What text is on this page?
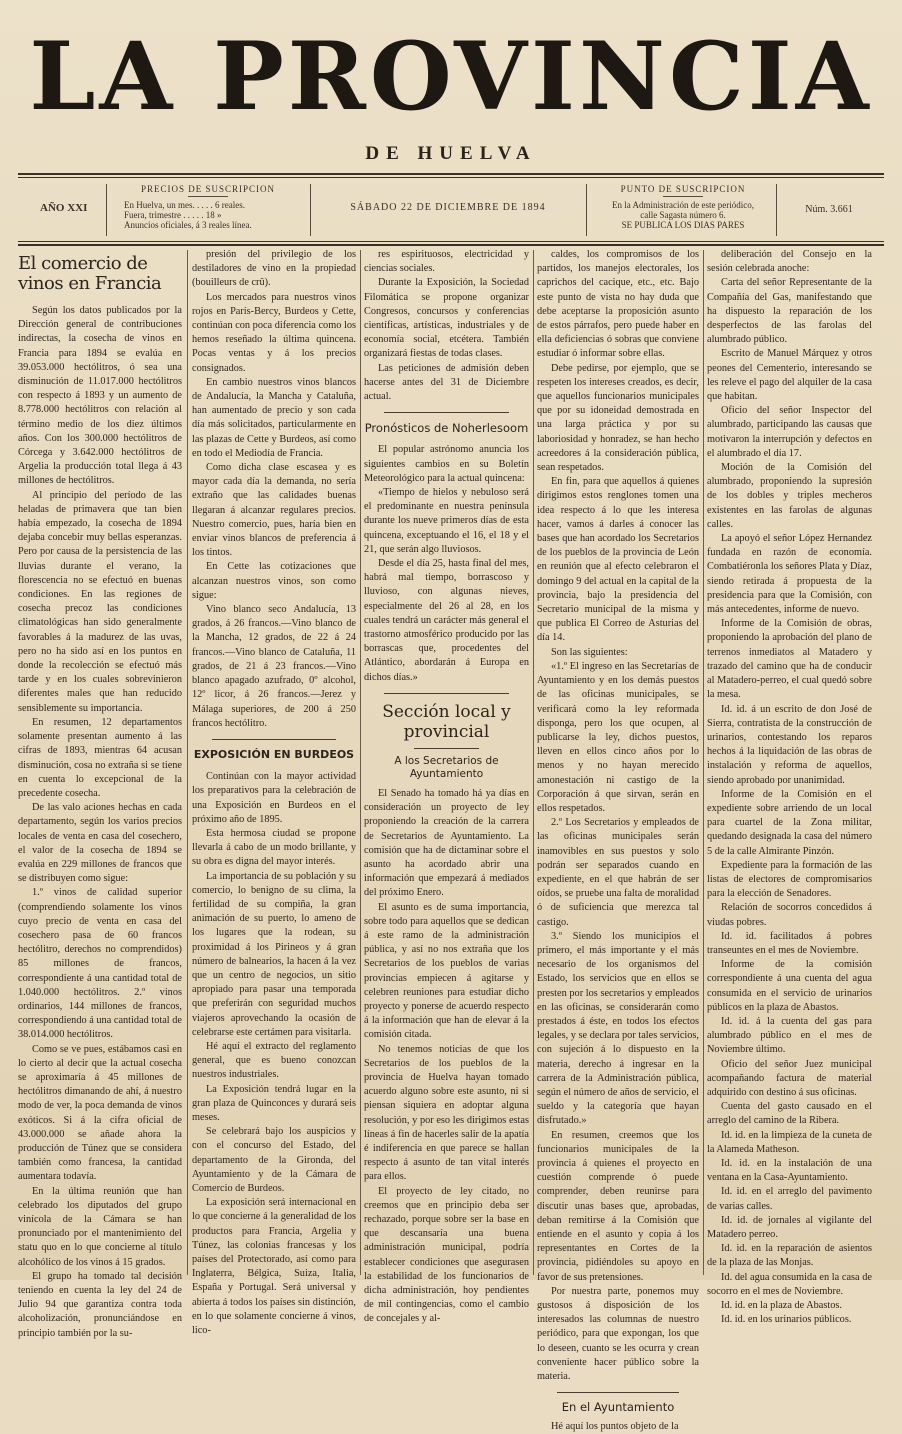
LA PROVINCIA
DE HUELVA
AÑO XXI
PRECIOS DE SUSCRIPCION
En Huelva, un mes. . . . . 6 reales.
Fuera, trimestre . . . . . 18 »
Anuncios oficiales, á 3 reales línea.
SÁBADO 22 DE DICIEMBRE DE 1894
PUNTO DE SUSCRIPCION
En la Administración de este periódico,
calle Sagasta número 6.
SE PUBLICA LOS DIAS PARES
Núm. 3.661

El comercio de vinos en Francia

Según los datos publicados por la Dirección general de contribuciones indirectas, la cosecha de vinos en Francia para 1894 se evalúa en 39.053.000 hectólitros, ó sea una disminución de 11.017.000 hectólitros con respecto á 1893 y un aumento de 8.778.000 hectólitros con relación al término medio de los diez últimos años. Con los 300.000 hectólitros de Córcega y 3.642.000 hectólitros de Argelia la producción total llega á 43 millones de hectólitros.

Al principio del período de las heladas de primavera que tan bien había empezado, la cosecha de 1894 dejaba concebir muy bellas esperanzas. Pero por causa de la persistencia de las lluvias durante el verano, la florescencia no se efectuó en buenas condiciones. En las regiones de cosecha precoz las condiciones climatológicas han sido generalmente favorables á la madurez de las uvas, pero no ha sido así en los puntos en donde la recolección se efectuó más tarde y en los cuales sobrevinieron diferentes males que han reducido sensiblemente su importancia.

En resumen, 12 departamentos solamente presentan aumento á las cifras de 1893, mientras 64 acusan disminución, cosa no extraña si se tiene en cuenta lo excepcional de la precedente cosecha.

De las valo aciones hechas en cada departamento, según los varios precios locales de venta en casa del cosechero, el valor de la cosecha de 1894 se evalúa en 229 millones de francos que se distribuyen como sigue:

1.º vinos de calidad superior (comprendiendo solamente los vinos cuyo precio de venta en casa del cosechero pasa de 60 francos hectólitro, derechos no comprendidos) 85 millones de francos, correspondiente á una cantidad total de 1.040.000 hectólitros. 2.º vinos ordinarios, 144 millones de francos, correspondiendo á una cantidad total de 38.014.000 hectólitros.

Como se ve pues, estábamos casi en lo cierto al decir que la actual cosecha se aproximaría á 45 millones de hectólitros dimanando de ahí, á nuestro modo de ver, la poca demanda de vinos exóticos. Si á la cifra oficial de 43.000.000 se añade ahora la producción de Túnez que se considera también como francesa, la cantidad aumentara todavía.

En la última reunión que han celebrado los diputados del grupo vinícola de la Cámara se han pronunciado por el mantenimiento del statu quo en lo que concierne al título alcohólico de los vinos á 15 grados.

El grupo ha tomado tal decisión teniendo en cuenta la ley del 24 de Julio 94 que garantiza contra toda alcoholización, pronunciándose en principio también por la su-

presión del privilegio de los destiladores de vino en la propiedad (bouilleurs de crû).

Los mercados para nuestros vinos rojos en París-Bercy, Burdeos y Cette, continúan con poca diferencia como los hemos reseñado la última quincena. Pocas ventas y á los precios consignados.

En cambio nuestros vinos blancos de Andalucía, la Mancha y Cataluña, han aumentado de precio y son cada día más solicitados, particularmente en las plazas de Cette y Burdeos, así como en todo el Mediodía de Francia.

Como dicha clase escasea y es mayor cada día la demanda, no sería extraño que las calidades buenas llegaran á alcanzar regulares precios. Nuestro comercio, pues, haría bien en enviar vinos blancos de preferencia á los tintos.

En Cette las cotizaciones que alcanzan nuestros vinos, son como sigue:

Vino blanco seco Andalucía, 13 grados, á 26 francos.—Vino blanco de la Mancha, 12 grados, de 22 á 24 francos.—Vino blanco de Cataluña, 11 grados, de 21 á 23 francos.—Vino blanco apagado azufrado, 0º alcohol, 12º licor, á 26 francos.—Jerez y Málaga superiores, de 200 á 250 francos hectólitro.

EXPOSICIÓN EN BURDEOS

Continúan con la mayor actividad los preparativos para la celebración de una Exposición en Burdeos en el próximo año de 1895.

Esta hermosa ciudad se propone llevarla á cabo de un modo brillante, y su obra es digna del mayor interés.

La importancia de su población y su comercio, lo benigno de su clima, la fertilidad de su compiña, la gran animación de su puerto, lo ameno de los lugares que la rodean, su proximidad á los Pirineos y á gran número de balnearios, la hacen á la vez que un centro de negocios, un sitio apropiado para pasar una temporada que preferirán con seguridad muchos viajeros aprovechando la ocasión de celebrarse este certámen para visitarla.

Hé aquí el extracto del reglamento general, que es bueno conozcan nuestros industriales.

La Exposición tendrá lugar en la gran plaza de Quinconces y durará seis meses.

Se celebrará bajo los auspicios y con el concurso del Estado, del departamento de la Gironda, del Ayuntamiento y de la Cámara de Comercio de Burdeos.

La exposición será internacional en lo que concierne á la generalidad de los productos para Francia, Argelia y Túnez, las colonias francesas y los países del Protectorado, así como para Inglaterra, Bélgica, Suiza, Italia, España y Portugal. Será universal y abierta á todos los países sin distinción, en lo que solamente concierne á vinos, lico-

res espirituosos, electricidad y ciencias sociales.

Durante la Exposición, la Sociedad Filomática se propone organizar Congresos, concursos y conferencias científicas, artísticas, industriales y de economía social, etcétera. También organizará fiestas de todas clases.

Las peticiones de admisión deben hacerse antes del 31 de Diciembre actual.

Pronósticos de Noherlesoom

El popular astrónomo anuncia los siguientes cambios en su Boletín Meteorológico para la actual quincena:

«Tiempo de hielos y nebuloso será el predominante en nuestra península durante los nueve primeros días de esta quincena, exceptuando el 16, el 18 y el 21, que serán algo lluviosos.

Desde el día 25, hasta final del mes, habrá mal tiempo, borrascoso y lluvioso, con algunas nieves, especialmente del 26 al 28, en los cuales tendrá un carácter más general el trastorno atmosférico producido por las borrascas que, procedentes del Atlántico, abordarán á Europa en dichos días.»

Sección local y provincial

A los Secretarios de Ayuntamiento

El Senado ha tomado há ya días en consideración un proyecto de ley proponiendo la creación de la carrera de Secretarios de Ayuntamiento. La comisión que ha de dictaminar sobre el asunto ha acordado abrir una información que empezará á mediados del próximo Enero.

El asunto es de suma importancia, sobre todo para aquellos que se dedican á este ramo de la administración pública, y así no nos extraña que los Secretarios de los pueblos de varias provincias empiecen á agitarse y celebren reuniones para estudiar dicho proyecto y ponerse de acuerdo respecto á la información que han de elevar á la comisión citada.

No tenemos noticias de que los Secretarios de los pueblos de la provincia de Huelva hayan tomado acuerdo alguno sobre este asunto, ni si piensan siquiera en adoptar alguna resolución, y por eso les dirigimos estas líneas á fin de hacerles salir de la apatía é indiferencia en que parece se hallan respecto á asunto de tan vital interés para ellos.

El proyecto de ley citado, no creemos que en principio deba ser rechazado, porque sobre ser la base en que descansaría una buena administración municipal, podría establecer condiciones que asegurasen la estabilidad de los funcionarios de dicha administración, hoy pendientes de mil contingencias, como el cambio de concejales y al-

caldes, los compromisos de los partidos, los manejos electorales, los caprichos del cacique, etc., etc. Bajo este punto de vista no hay duda que debe aceptarse la proposición asunto de estos párrafos, pero puede haber en ella deficiencias ó sobras que conviene estudiar ó informar sobre ellas.

Debe pedirse, por ejemplo, que se respeten los intereses creados, es decir, que aquellos funcionarios municipales que por su idoneidad demostrada en una larga práctica y por su laboriosidad y honradez, se han hecho acreedores á la consideración pública, sean respetados.

En fin, para que aquellos á quienes dirigimos estos renglones tomen una idea respecto á lo que les interesa hacer, vamos á darles á conocer las bases que han acordado los Secretarios de los pueblos de la provincia de León en reunión que al efecto celebraron el domingo 9 del actual en la capital de la provincia, bajo la presidencia del Secretario municipal de la misma y que publica El Correo de Asturias del día 14.

Son las siguientes:

«1.º El ingreso en las Secretarías de Ayuntamiento y en los demás puestos de las oficinas municipales, se verificará como la ley reformada disponga, pero los que ocupen, al publicarse la ley, dichos puestos, lleven en ellos cinco años por lo menos y no hayan merecido amonestación ni castigo de la Corporación á que sirvan, serán en ellos respetados.

2.º Los Secretarios y empleados de las oficinas municipales serán inamovibles en sus puestos y solo podrán ser separados cuando en expediente, en el que habrán de ser oídos, se pruebe una falta de moralidad ó de suficiencia que merezca tal castigo.

3.º Siendo los municipios el primero, el más importante y el más necesario de los organismos del Estado, los servicios que en ellos se presten por los secretarios y empleados en las oficinas, se considerarán como prestados á éste, en todos los efectos legales, y se declara por tales servicios, con sujeción á lo dispuesto en la materia, derecho á ingresar en la carrera de la Administración pública, según el número de años de servicio, el sueldo y la categoría que hayan disfrutado.»

En resumen, creemos que los funcionarios municipales de la provincia á quienes el proyecto en cuestión comprende ó puede comprender, deben reunirse para discutir unas bases que, aprobadas, deban remitirse á la Comisión que entiende en el asunto y copia á los representantes en Cortes de la provincia, pidiéndoles su apoyo en favor de sus pretensiones.

Por nuestra parte, ponemos muy gustosos á disposición de los interesados las columnas de nuestro periódico, para que expongan, los que lo deseen, cuanto se les ocurra y crean conveniente hacer público sobre la materia.

En el Ayuntamiento

Hé aquí los puntos objeto de la

deliberación del Consejo en la sesión celebrada anoche:

Carta del señor Representante de la Compañía del Gas, manifestando que ha dispuesto la reparación de los desperfectos de las farolas del alumbrado público.

Escrito de Manuel Márquez y otros peones del Cementerio, interesando se les releve el pago del alquiler de la casa que habitan.

Oficio del señor Inspector del alumbrado, participando las causas que motivaron la interrupción y defectos en el alumbrado el día 17.

Moción de la Comisión del alumbrado, proponiendo la supresión de los dobles y triples mecheros existentes en las farolas de algunas calles.

La apoyó el señor López Hernandez fundada en razón de economía. Combatiéronla los señores Plata y Díaz, siendo retirada á propuesta de la presidencia para que la Comisión, con más antecedentes, informe de nuevo.

Informe de la Comisión de obras, proponiendo la aprobación del plano de terrenos inmediatos al Matadero y trazado del camino que ha de conducir al Matadero-perreo, el cual quedó sobre la mesa.

Id. id. á un escrito de don José de Sierra, contratista de la construcción de urinarios, contestando los reparos hechos á la liquidación de las obras de instalación y reforma de aquellos, siendo aprobado por unanimidad.

Informe de la Comisión en el expediente sobre arriendo de un local para cuartel de la Zona militar, quedando designada la casa del número 5 de la calle Almirante Pinzón.

Expediente para la formación de las listas de electores de compromisarios para la elección de Senadores.

Relación de socorros concedidos á viudas pobres.

Id. id. facilitados á pobres transeuntes en el mes de Noviembre.

Informe de la comisión correspondiente á una cuenta del agua consumida en el servicio de urinarios públicos en la plaza de Abastos.

Id. id. á la cuenta del gas para alumbrado público en el mes de Noviembre último.

Oficio del señor Juez municipal acompañando factura de material adquirido con destino á sus oficinas.

Cuenta del gasto causado en el arreglo del camino de la Ribera.

Id. id. en la limpieza de la cuneta de la Alameda Matheson.

Id. id. en la instalación de una ventana en la Casa-Ayuntamiento.

Id. id. en el arreglo del pavimento de varias calles.

Id. id. de jornales al vigilante del Matadero perreo.

Id. id. en la reparación de asientos de la plaza de las Monjas.

Id. del agua consumida en la casa de socorro en el mes de Noviembre.

Id. id. en la plaza de Abastos.

Id. id. en los urinarios públicos.
